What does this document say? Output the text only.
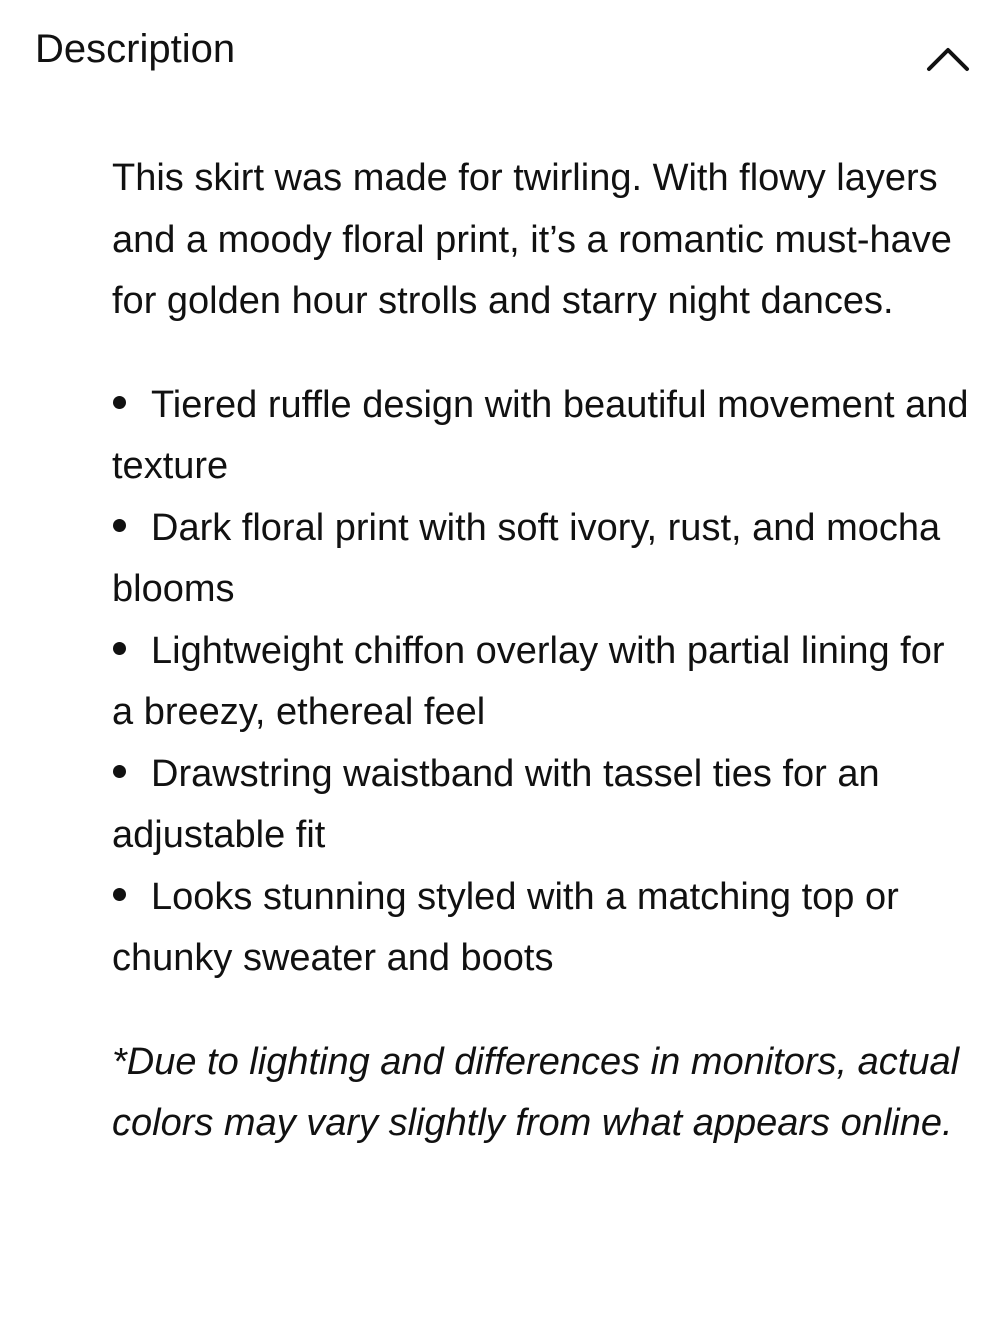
Description

This skirt was made for twirling. With flowy layers and a moody floral print, it’s a romantic must-have for golden hour strolls and starry night dances.

Tiered ruffle design with beautiful movement and texture
Dark floral print with soft ivory, rust, and mocha blooms
Lightweight chiffon overlay with partial lining for a breezy, ethereal feel
Drawstring waistband with tassel ties for an adjustable fit
Looks stunning styled with a matching top or chunky sweater and boots

*Due to lighting and differences in monitors, actual colors may vary slightly from what appears online.
